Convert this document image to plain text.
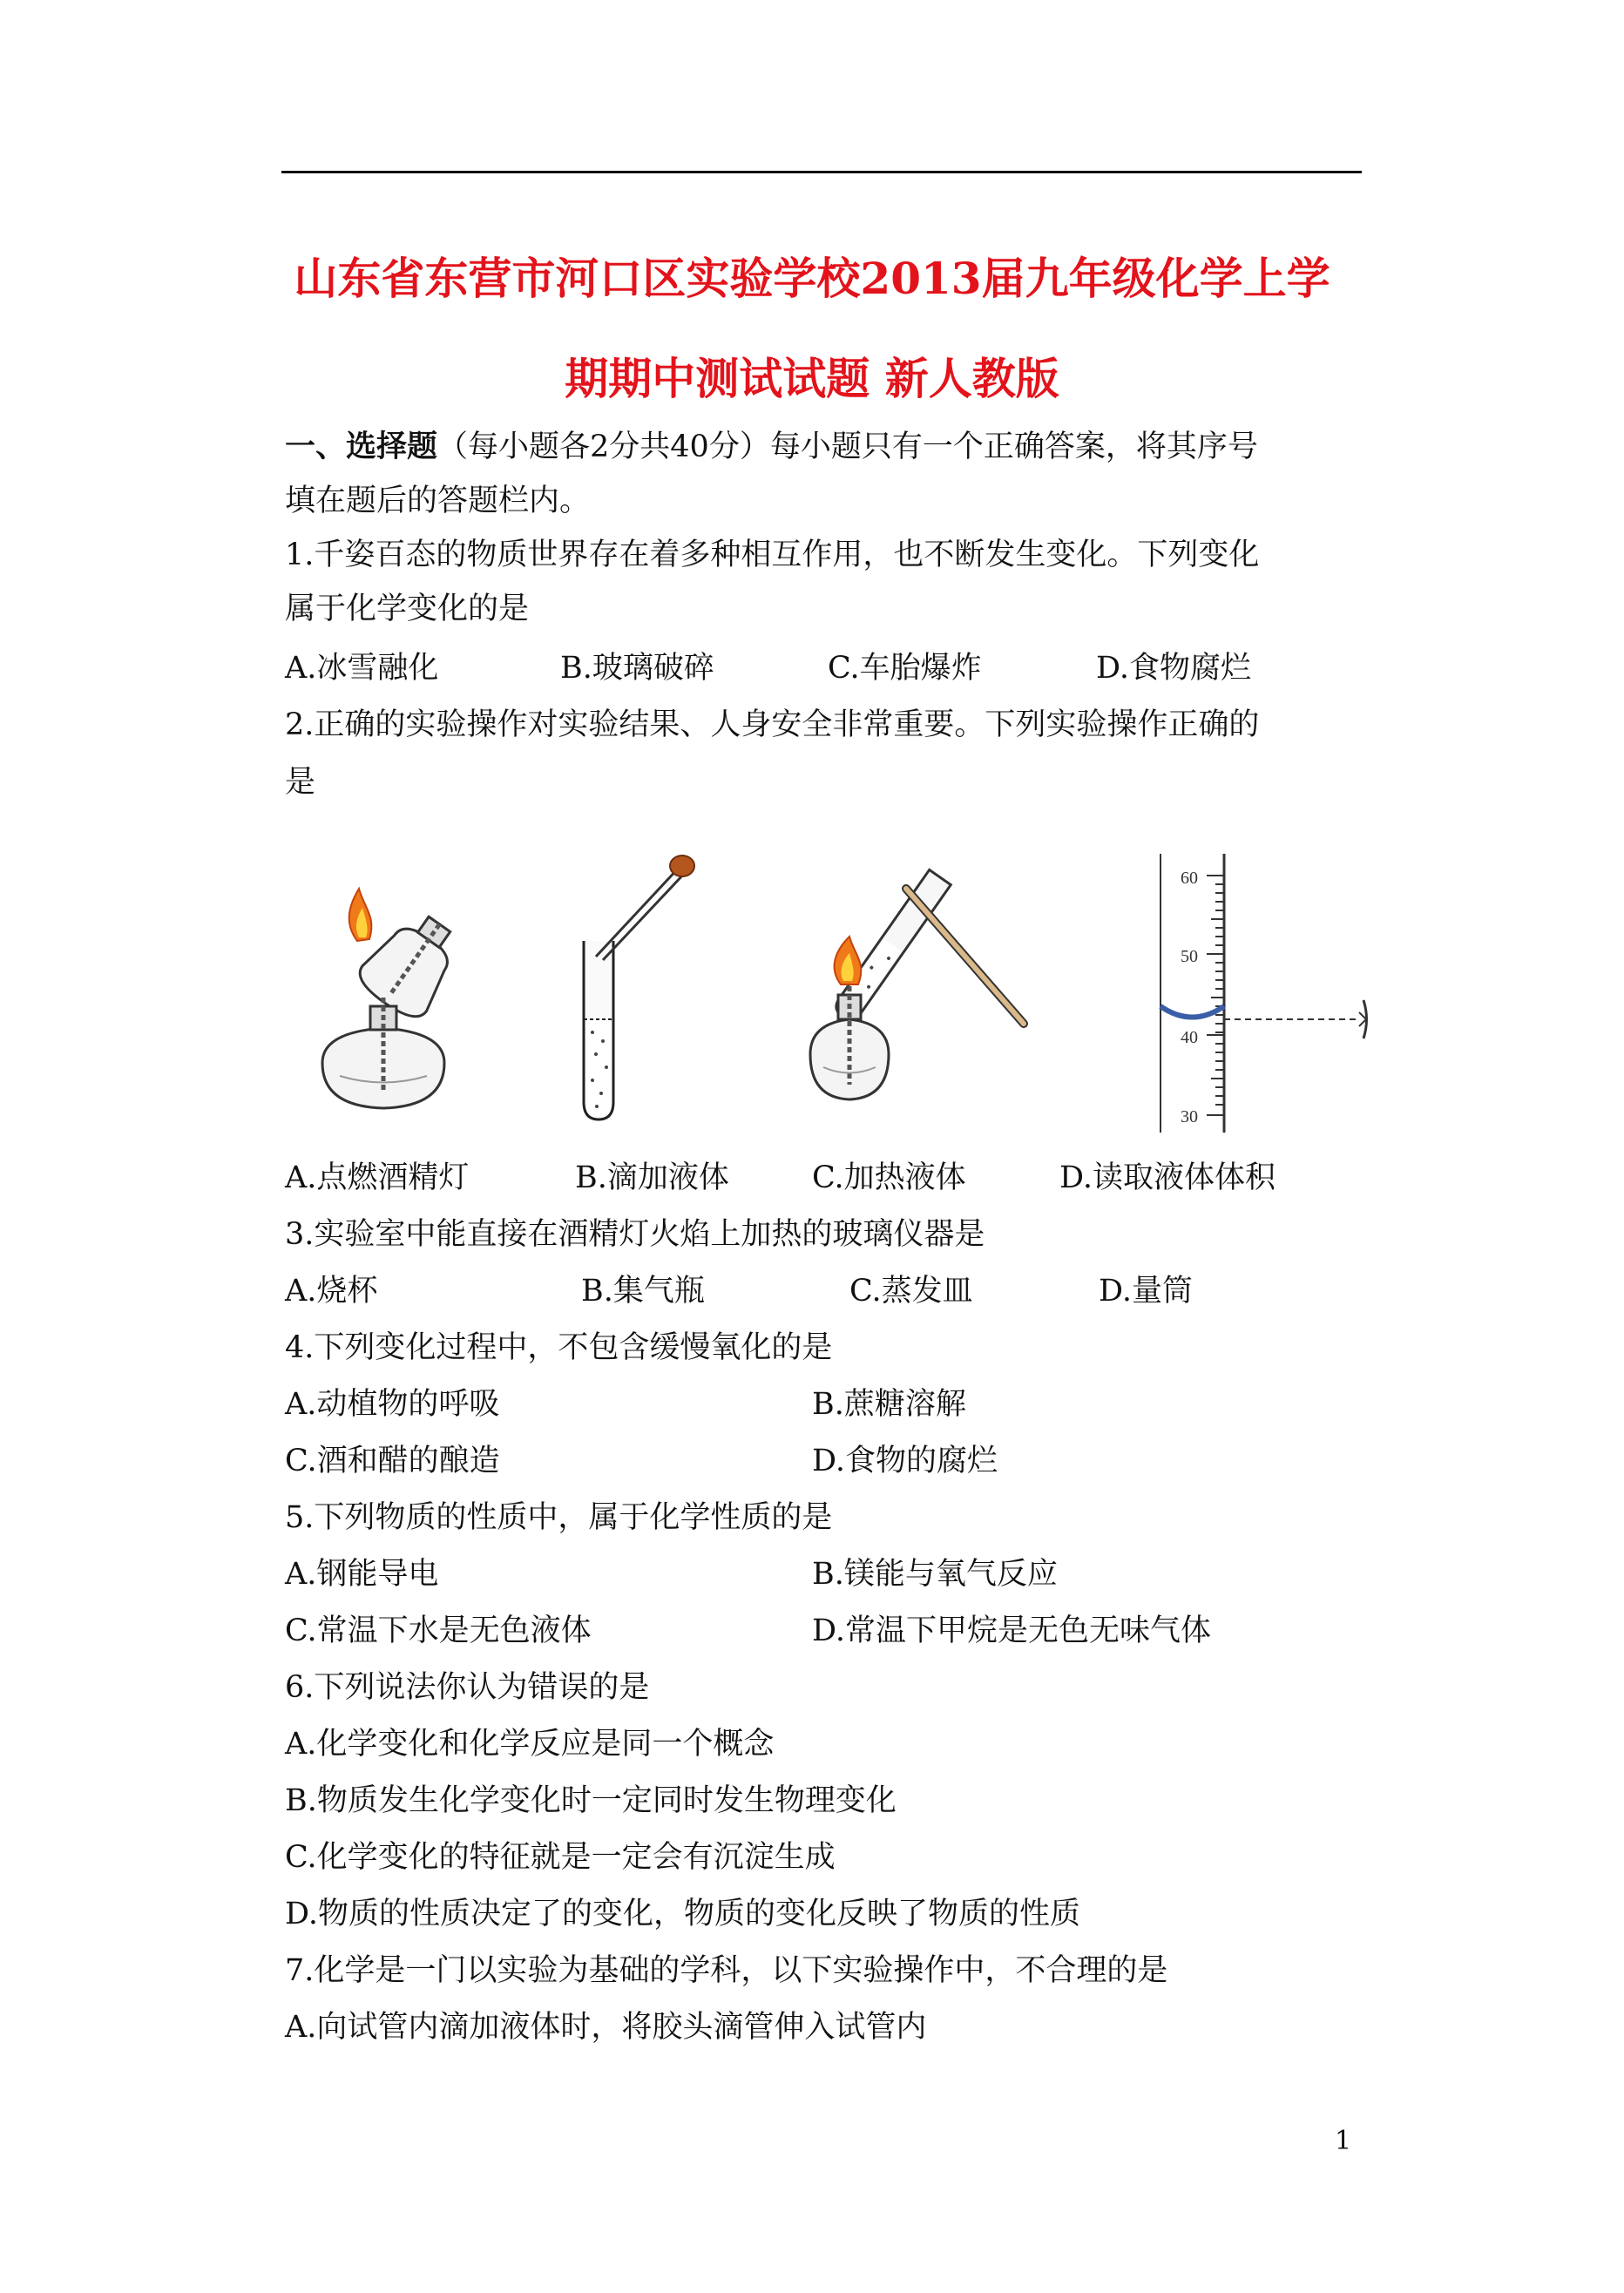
山东省东营市河口区实验学校2013届九年级化学上学
期期中测试试题 新人教版
一、选择题（每小题各2分共40分）每小题只有一个正确答案，将其序号
填在题后的答题栏内。
1.千姿百态的物质世界存在着多种相互作用，也不断发生变化。下列变化
属于化学变化的是
A.冰雪融化	B.玻璃破碎	C.车胎爆炸	D.食物腐烂
2.正确的实验操作对实验结果、人身安全非常重要。下列实验操作正确的
是
60
50
40
30
A.点燃酒精灯	B.滴加液体	C.加热液体	D.读取液体体积
3.实验室中能直接在酒精灯火焰上加热的玻璃仪器是
A.烧杯	B.集气瓶	C.蒸发皿	D.量筒
4.下列变化过程中，不包含缓慢氧化的是
A.动植物的呼吸	B.蔗糖溶解
C.酒和醋的酿造	D.食物的腐烂
5.下列物质的性质中，属于化学性质的是
A.钢能导电	B.镁能与氧气反应
C.常温下水是无色液体	D.常温下甲烷是无色无味气体
6.下列说法你认为错误的是
A.化学变化和化学反应是同一个概念
B.物质发生化学变化时一定同时发生物理变化
C.化学变化的特征就是一定会有沉淀生成
D.物质的性质决定了的变化，物质的变化反映了物质的性质
7.化学是一门以实验为基础的学科，以下实验操作中，不合理的是
A.向试管内滴加液体时，将胶头滴管伸入试管内
1
